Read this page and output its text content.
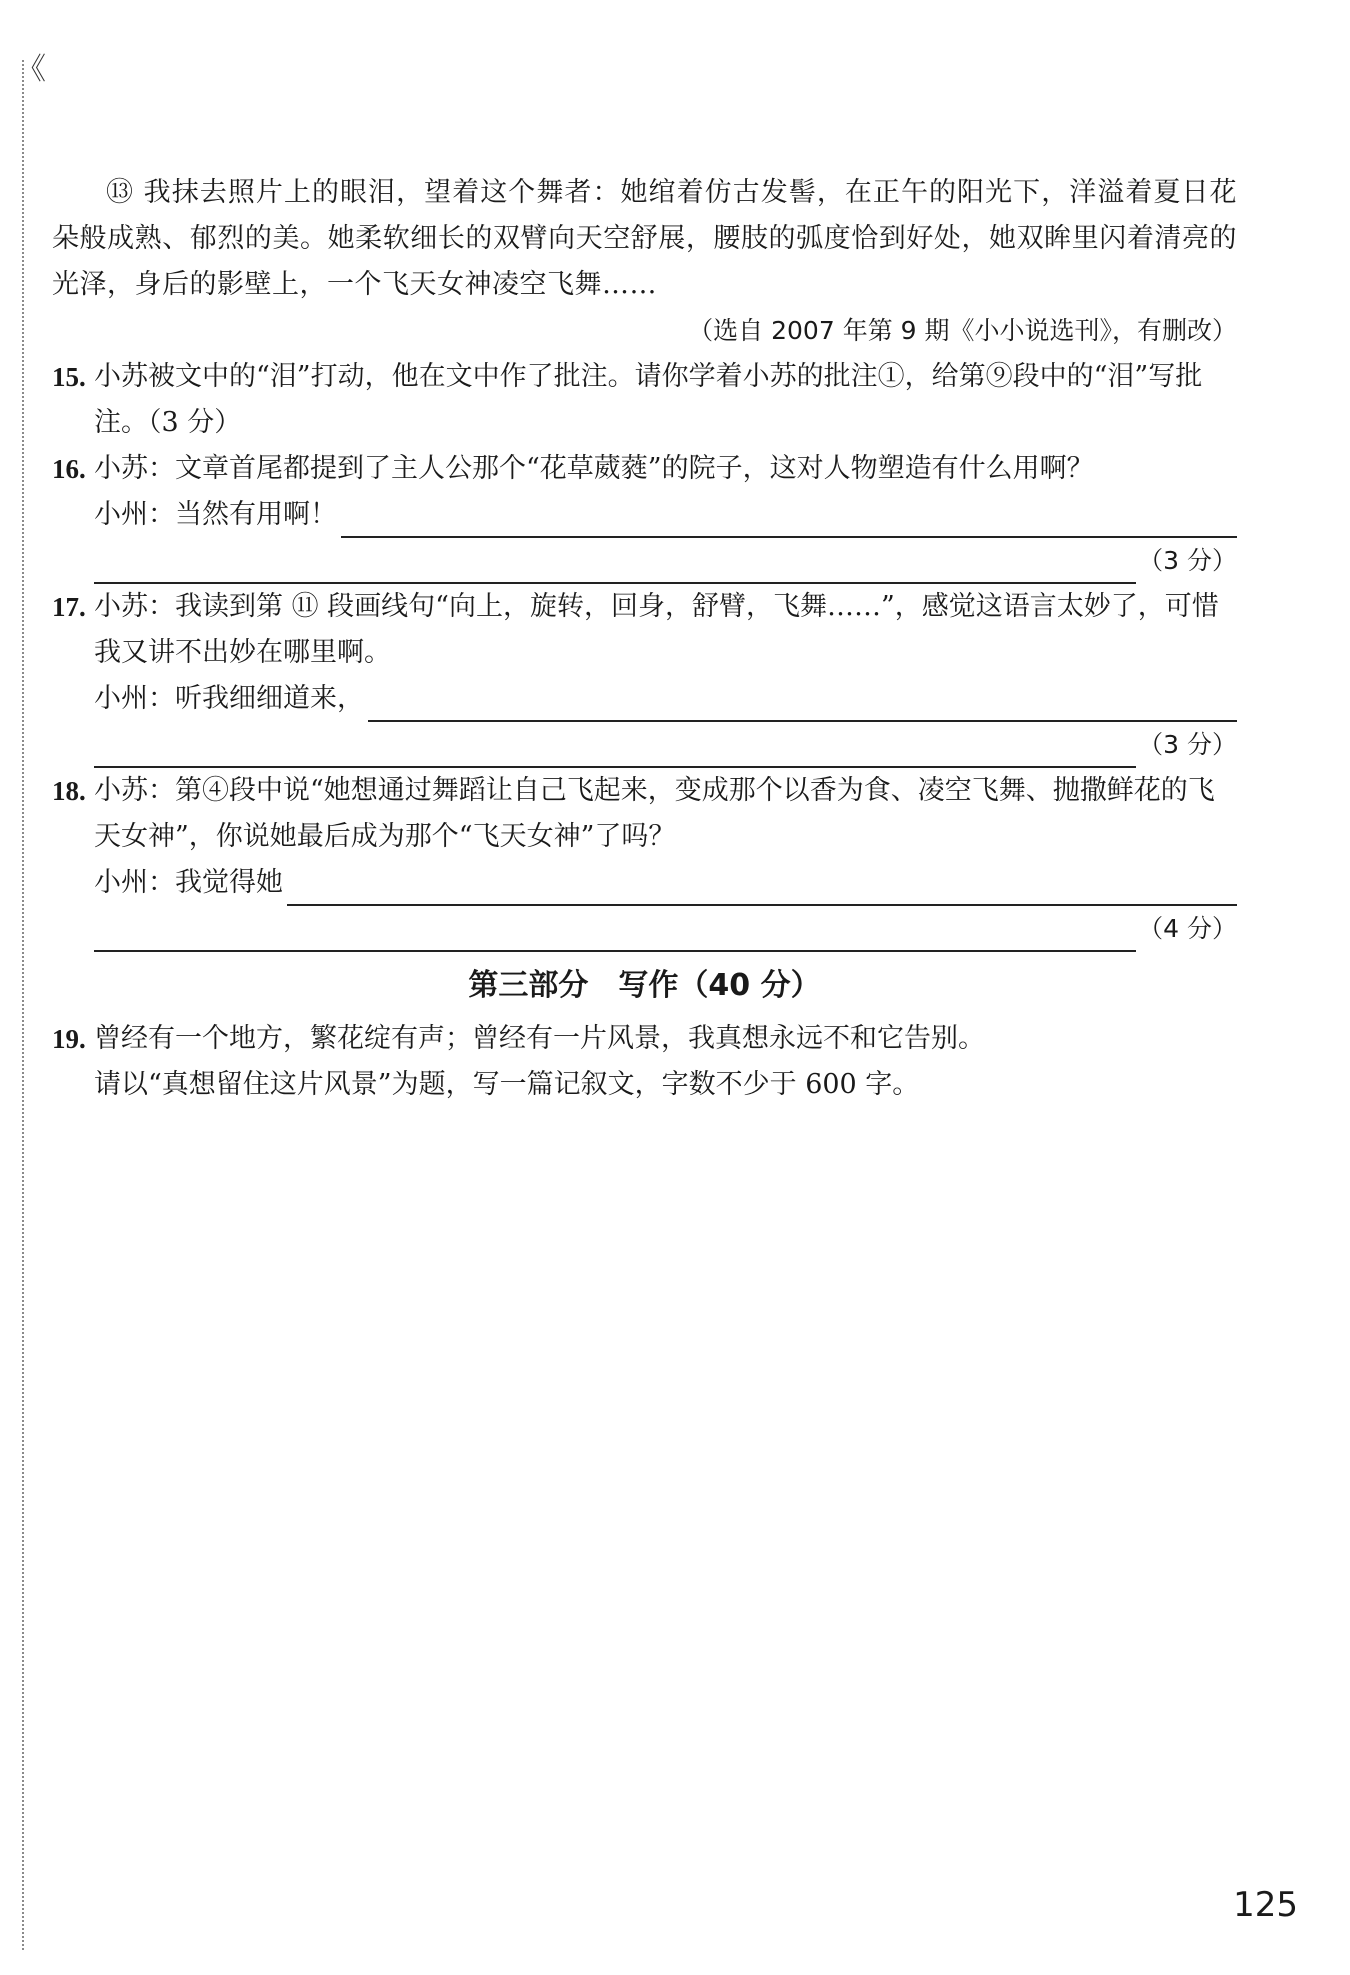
《

⑬ 我抹去照片上的眼泪，望着这个舞者：她绾着仿古发髻，在正午的阳光下，洋溢着夏日花朵般成熟、郁烈的美。她柔软细长的双臂向天空舒展，腰肢的弧度恰到好处，她双眸里闪着清亮的光泽，身后的影壁上，一个飞天女神凌空飞舞……

（选自 2007 年第 9 期《小小说选刊》，有删改）

15. 小苏被文中的“泪”打动，他在文中作了批注。请你学着小苏的批注①，给第⑨段中的“泪”写批注。（3 分）
16. 小苏：文章首尾都提到了主人公那个“花草葳蕤”的院子，这对人物塑造有什么用啊？
小州：当然有用啊！
（3 分）
17. 小苏：我读到第 ⑪ 段画线句“向上，旋转，回身，舒臂，飞舞……”，感觉这语言太妙了，可惜我又讲不出妙在哪里啊。
小州：听我细细道来，
（3 分）
18. 小苏：第④段中说“她想通过舞蹈让自己飞起来，变成那个以香为食、凌空飞舞、抛撒鲜花的飞天女神”，你说她最后成为那个“飞天女神”了吗？
小州：我觉得她
（4 分）
第三部分　写作（40 分）
19. 曾经有一个地方，繁花绽有声；曾经有一片风景，我真想永远不和它告别。
请以“真想留住这片风景”为题，写一篇记叙文，字数不少于 600 字。
125
